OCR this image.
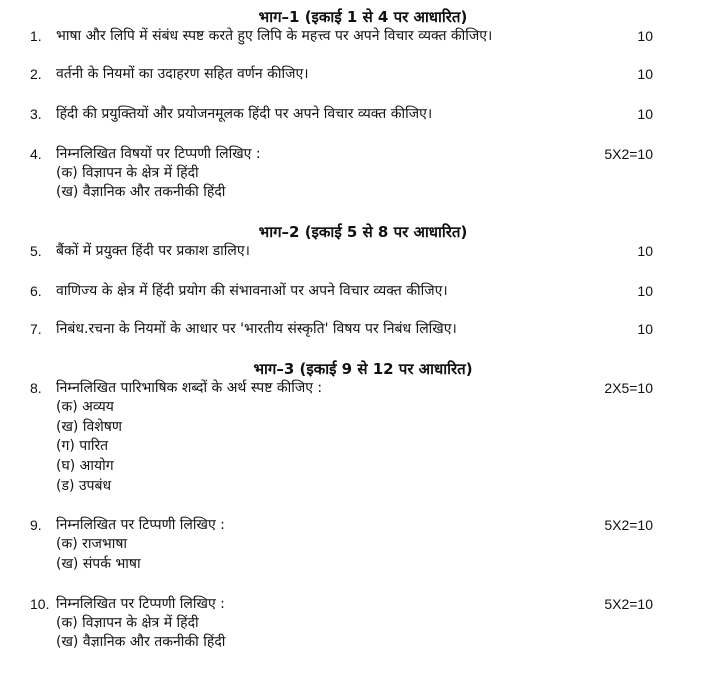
भाग–1 (इकाई 1 से 4 पर आधारित)
1.	भाषा और लिपि में संबंध स्पष्ट करते हुए लिपि के महत्त्व पर अपने विचार व्यक्त कीजिए।	10
2.	वर्तनी के नियमों का उदाहरण सहित वर्णन कीजिए।	10
3.	हिंदी की प्रयुक्तियों और प्रयोजनमूलक हिंदी पर अपने विचार व्यक्त कीजिए।	10
4.	निम्नलिखित विषयों पर टिप्पणी लिखिए :	5X2=10
(क) विज्ञापन के क्षेत्र में हिंदी
(ख) वैज्ञानिक और तकनीकी हिंदी
भाग–2 (इकाई 5 से 8 पर आधारित)
5.	बैंकों में प्रयुक्त हिंदी पर प्रकाश डालिए।	10
6.	वाणिज्य के क्षेत्र में हिंदी प्रयोग की संभावनाओं पर अपने विचार व्यक्त कीजिए।	10
7.	निबंध.रचना के नियमों के आधार पर 'भारतीय संस्कृति' विषय पर निबंध लिखिए।	10
भाग–3 (इकाई 9 से 12 पर आधारित)
8.	निम्नलिखित पारिभाषिक शब्दों के अर्थ स्पष्ट कीजिए :	2X5=10
(क) अव्यय
(ख) विशेषण
(ग) पारित
(घ) आयोग
(ड) उपबंध
9.	निम्नलिखित पर टिप्पणी लिखिए :	5X2=10
(क) राजभाषा
(ख) संपर्क भाषा
10. निम्नलिखित पर टिप्पणी लिखिए :	5X2=10
(क) विज्ञापन के क्षेत्र में हिंदी
(ख) वैज्ञानिक और तकनीकी हिंदी
